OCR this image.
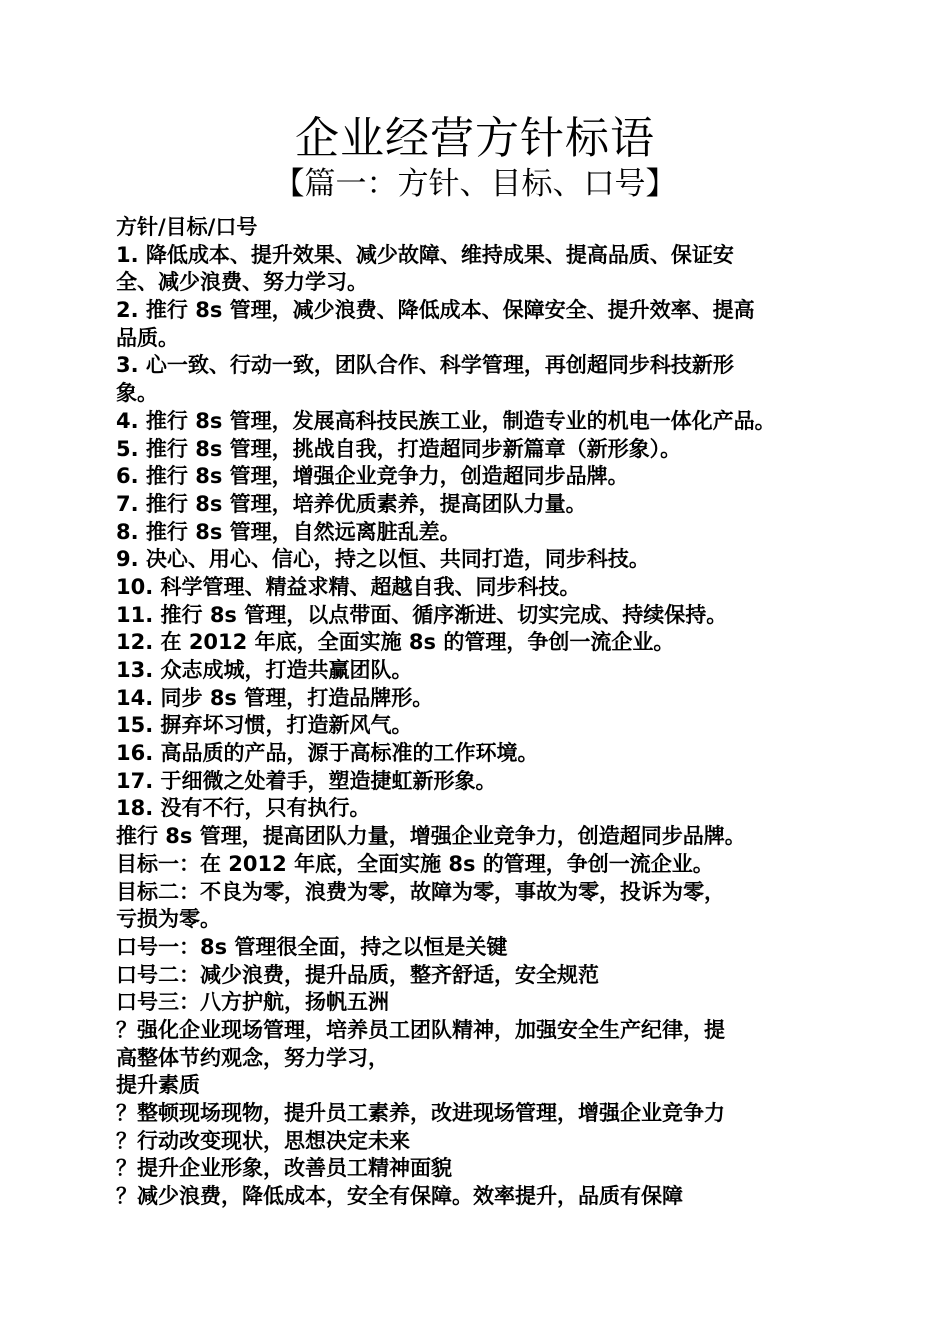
企业经营方针标语
【篇一：方针、目标、口号】
方针/目标/口号
1. 降低成本、提升效果、减少故障、维持成果、提高品质、保证安
全、减少浪费、努力学习。
2. 推行 8s 管理，减少浪费、降低成本、保障安全、提升效率、提高
品质。
3. 心一致、行动一致，团队合作、科学管理，再创超同步科技新形
象。
4. 推行 8s 管理，发展高科技民族工业，制造专业的机电一体化产品。
5. 推行 8s 管理，挑战自我，打造超同步新篇章（新形象）。
6. 推行 8s 管理，增强企业竞争力，创造超同步品牌。
7. 推行 8s 管理，培养优质素养，提高团队力量。
8. 推行 8s 管理，自然远离脏乱差。
9. 决心、用心、信心，持之以恒、共同打造，同步科技。
10. 科学管理、精益求精、超越自我、同步科技。
11. 推行 8s 管理，以点带面、循序渐进、切实完成、持续保持。
12. 在 2012 年底，全面实施 8s 的管理，争创一流企业。
13. 众志成城，打造共赢团队。
14. 同步 8s 管理，打造品牌形。
15. 摒弃坏习惯，打造新风气。
16. 高品质的产品，源于高标准的工作环境。
17. 于细微之处着手，塑造捷虹新形象。
18. 没有不行，只有执行。
推行 8s 管理，提高团队力量，增强企业竞争力，创造超同步品牌。
目标一：在 2012 年底，全面实施 8s 的管理，争创一流企业。
目标二：不良为零，浪费为零，故障为零，事故为零，投诉为零，
亏损为零。
口号一：8s 管理很全面，持之以恒是关键
口号二：减少浪费，提升品质，整齐舒适，安全规范
口号三：八方护航，扬帆五洲
？强化企业现场管理，培养员工团队精神，加强安全生产纪律，提
高整体节约观念，努力学习，
提升素质
？整顿现场现物，提升员工素养，改进现场管理，增强企业竞争力
？行动改变现状，思想决定未来
？提升企业形象，改善员工精神面貌
？减少浪费，降低成本，安全有保障。效率提升，品质有保障
